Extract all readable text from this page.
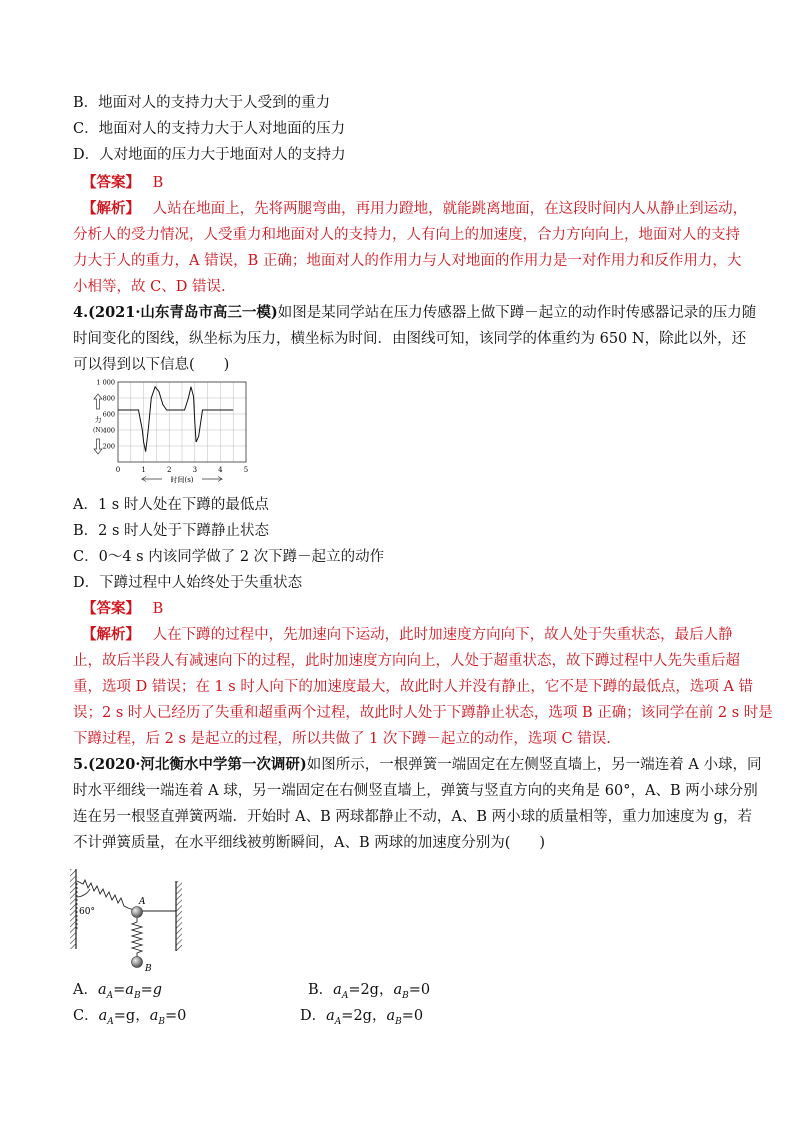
B．地面对人的支持力大于人受到的重力
C．地面对人的支持力大于人对地面的压力
D．人对地面的压力大于地面对人的支持力
【答案】 B
【解析】 人站在地面上，先将两腿弯曲，再用力蹬地，就能跳离地面，在这段时间内人从静止到运动，
分析人的受力情况，人受重力和地面对人的支持力，人有向上的加速度，合力方向向上，地面对人的支持
力大于人的重力，A 错误，B 正确；地面对人的作用力与人对地面的作用力是一对作用力和反作用力，大
小相等，故 C、D 错误.
4.(2021·山东青岛市高三一模)如图是某同学站在压力传感器上做下蹲－起立的动作时传感器记录的压力随
时间变化的图线，纵坐标为压力，横坐标为时间．由图线可知，该同学的体重约为 650 N，除此以外，还
可以得到以下信息(　　)
200
400
600
800
1 000
0	1	2	3	4	5
时间(s)
力
(N)
A．1 s 时人处在下蹲的最低点
B．2 s 时人处于下蹲静止状态
C．0～4 s 内该同学做了 2 次下蹲－起立的动作
D．下蹲过程中人始终处于失重状态
【答案】 B
【解析】 人在下蹲的过程中，先加速向下运动，此时加速度方向向下，故人处于失重状态，最后人静
止，故后半段人有减速向下的过程，此时加速度方向向上，人处于超重状态，故下蹲过程中人先失重后超
重，选项 D 错误；在 1 s 时人向下的加速度最大，故此时人并没有静止，它不是下蹲的最低点，选项 A 错
误；2 s 时人已经历了失重和超重两个过程，故此时人处于下蹲静止状态，选项 B 正确；该同学在前 2 s 时是
下蹲过程，后 2 s 是起立的过程，所以共做了 1 次下蹲－起立的动作，选项 C 错误.
5.(2020·河北衡水中学第一次调研)如图所示，一根弹簧一端固定在左侧竖直墙上，另一端连着 A 小球，同
时水平细线一端连着 A 球，另一端固定在右侧竖直墙上，弹簧与竖直方向的夹角是 60°，A、B 两小球分别
连在另一根竖直弹簧两端．开始时 A、B 两球都静止不动，A、B 两小球的质量相等，重力加速度为 g，若
不计弹簧质量，在水平细线被剪断瞬间，A、B 两球的加速度分别为(　　)
60°
A
B
A．$a_A=a_B=g$	B．$a_A=2g$，$a_B=0$
C．$a_A=g$，$a_B=0$	D．$a_A=2g$，$a_B=0$
